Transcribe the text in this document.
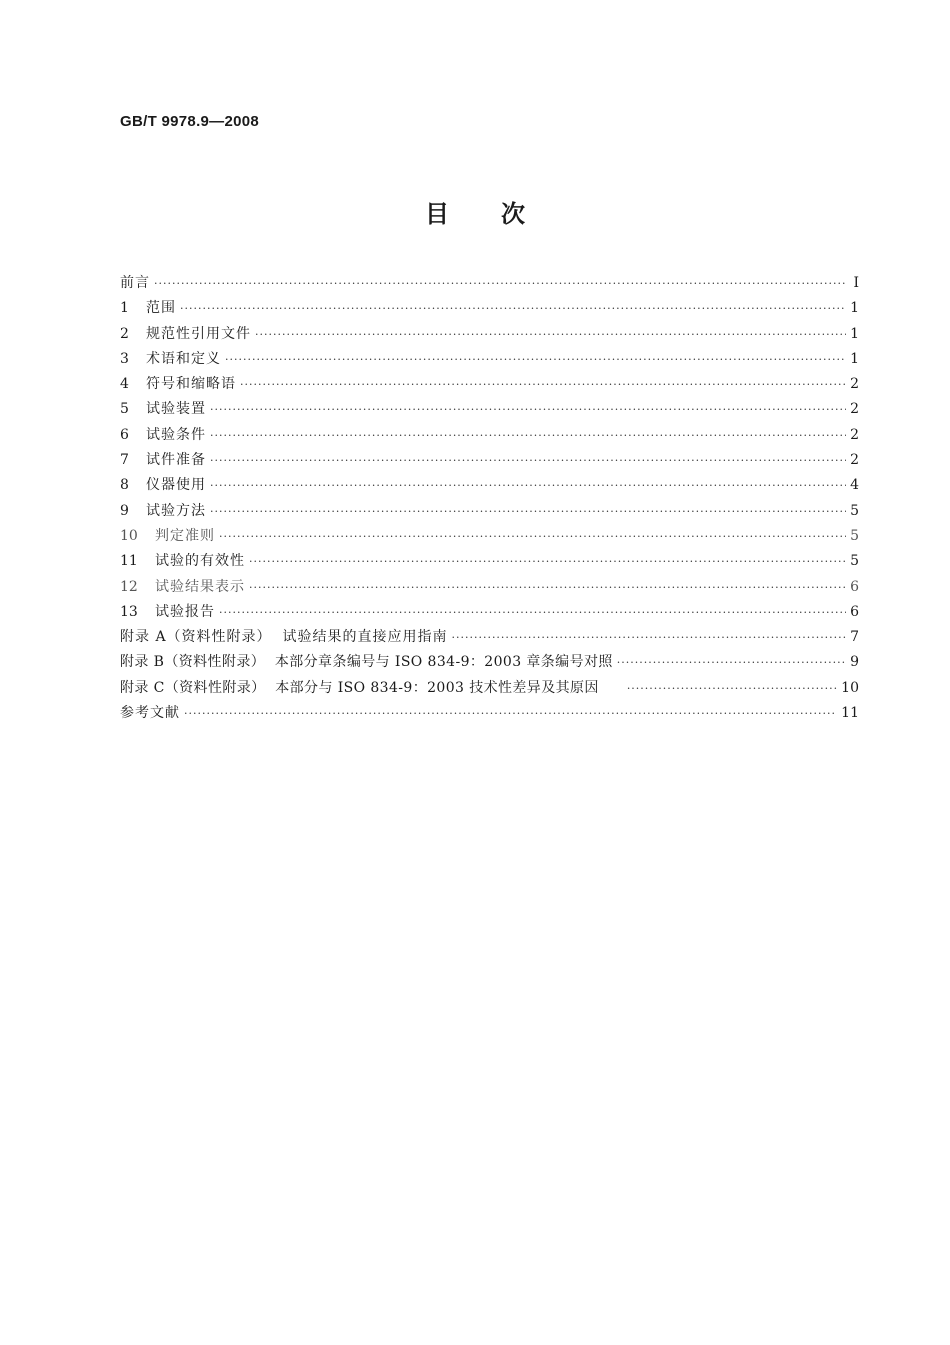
GB/T 9978.9—2008
目次
前言 ·····	Ⅰ
1	范围 ·····	1
2	规范性引用文件 ·····	1
3	术语和定义 ·····	1
4	符号和缩略语 ·····	2
5	试验装置 ·····	2
6	试验条件 ·····	2
7	试件准备 ·····	2
8	仪器使用 ·····	4
9	试验方法 ·····	5
10	判定准则 ·····	5
11	试验的有效性 ·····	5
12	试验结果表示 ·····	6
13	试验报告 ·····	6
附录 A（资料性附录）  试验结果的直接应用指南 ·····	7
附录 B（资料性附录）  本部分章条编号与 ISO 834-9：2003 章条编号对照 ·····	9
附录 C（资料性附录）  本部分与 ISO 834-9：2003 技术性差异及其原因 ·····	10
参考文献 ·····	11
